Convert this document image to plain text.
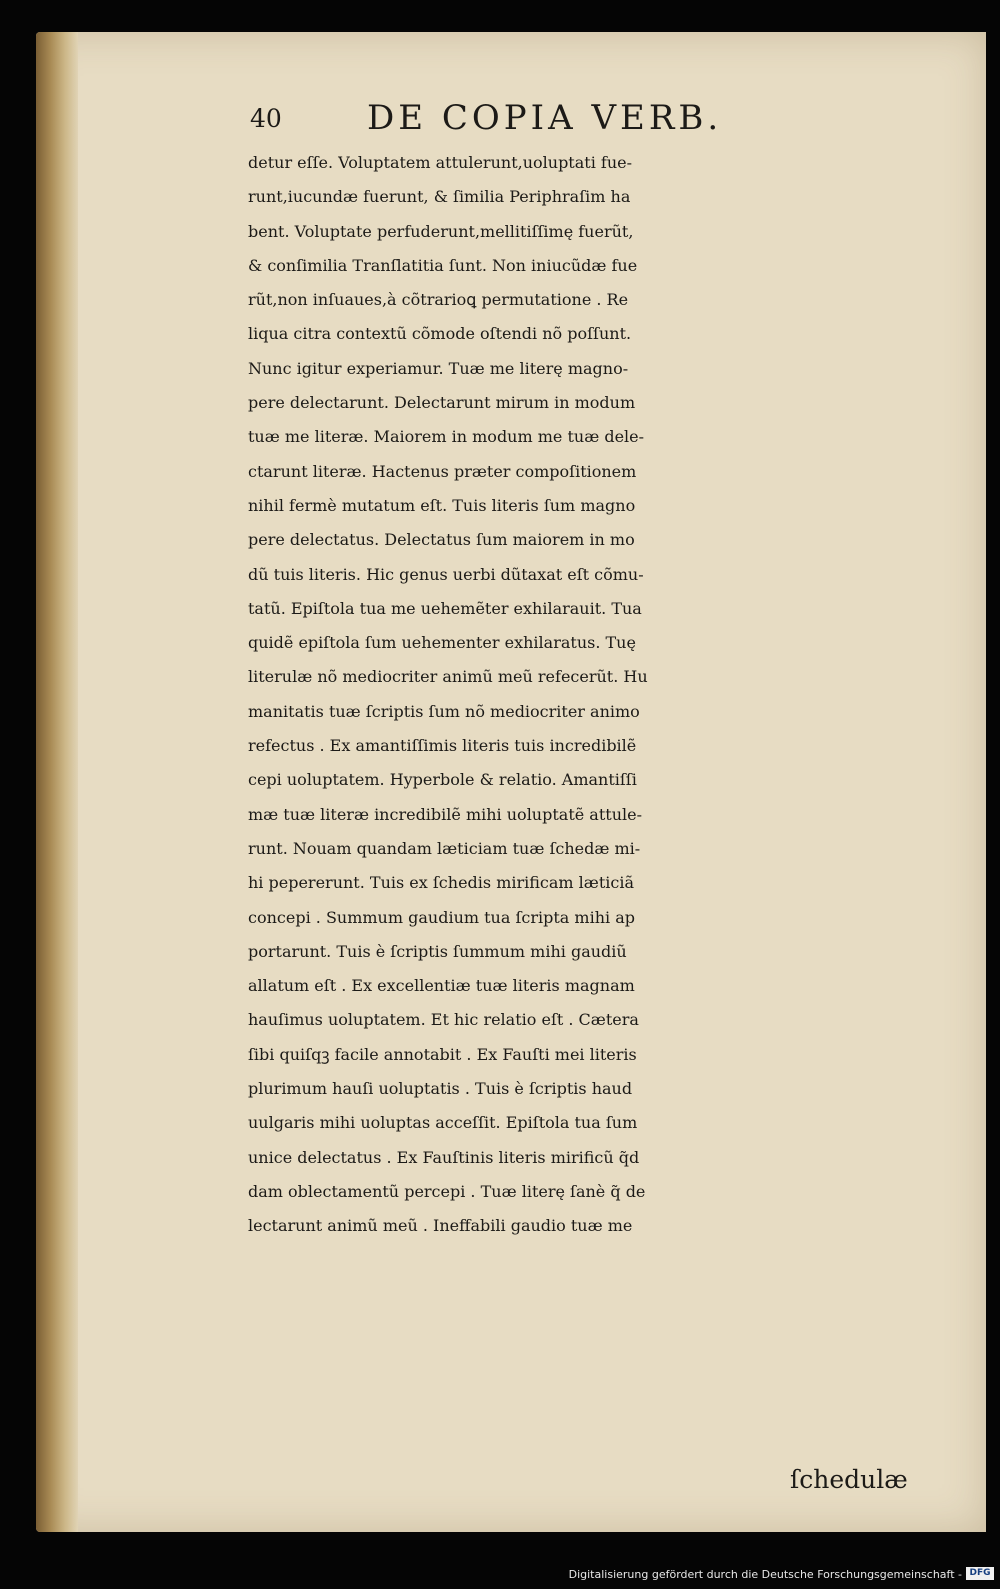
40	DE COPIA VERB.
detur eſſe. Voluptatem attulerunt,uoluptati fue-
runt,iucundæ fuerunt, & ſimilia Periphraſim ha
bent. Voluptate perfuderunt,mellitiſſimę fuerũt,
& conſimilia Tranſlatitia ſunt. Non iniucũdæ fue
rũt,non inſuaues,à cõtrarioꝗ permutatione . Re
liqua citra contextũ cõmode oſtendi nõ poſſunt.
Nunc igitur experiamur. Tuæ me literę magno-
pere delectarunt. Delectarunt mirum in modum
tuæ me literæ. Maiorem in modum me tuæ dele-
ctarunt literæ. Hactenus præter compoſitionem
nihil fermè mutatum eſt. Tuis literis ſum magno
pere delectatus. Delectatus ſum maiorem in mo
dũ tuis literis. Hic genus uerbi dũtaxat eſt cõmu-
tatũ. Epiſtola tua me uehemẽter exhilarauit. Tua
quidẽ epiſtola ſum uehementer exhilaratus. Tuę
literulæ nõ mediocriter animũ meũ refecerũt. Hu
manitatis tuæ ſcriptis ſum nõ mediocriter animo
refectus . Ex amantiſſimis literis tuis incredibilẽ
cepi uoluptatem. Hyperbole & relatio. Amantiſſi
mæ tuæ literæ incredibilẽ mihi uoluptatẽ attule-
runt. Nouam quandam læticiam tuæ ſchedæ mi-
hi pepererunt. Tuis ex ſchedis mirificam læticiã
concepi . Summum gaudium tua ſcripta mihi ap
portarunt. Tuis è ſcriptis ſummum mihi gaudiũ
allatum eſt . Ex excellentiæ tuæ literis magnam
hauſimus uoluptatem. Et hic relatio eſt . Cætera
ſibi quiſqꝫ facile annotabit . Ex Fauſti mei literis
plurimum hauſi uoluptatis . Tuis è ſcriptis haud
uulgaris mihi uoluptas acceſſit. Epiſtola tua ſum
unice delectatus . Ex Fauſtinis literis mirificũ q̃d
dam oblectamentũ percepi . Tuæ literę ſanè q̃ de
lectarunt animũ meũ . Ineffabili gaudio tuæ me
ſchedulæ
Digitalisierung gefördert durch die Deutsche Forschungsgemeinschaft - DFG
